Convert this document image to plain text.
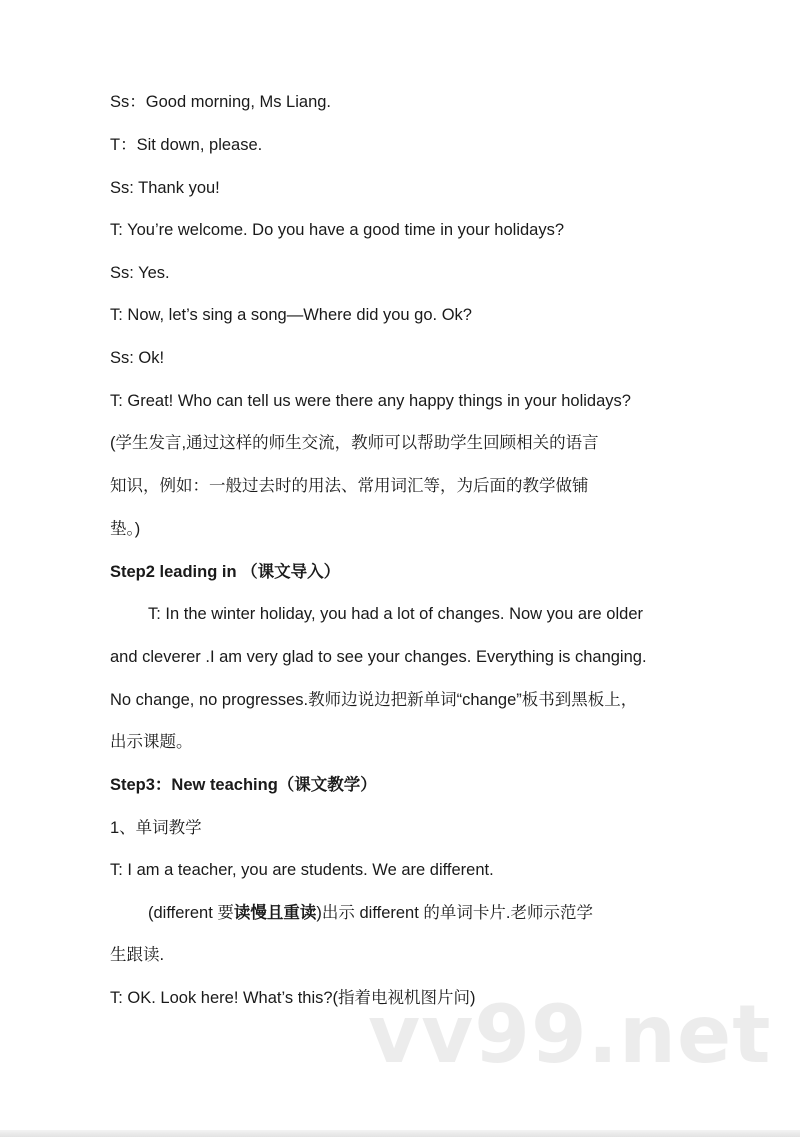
Ss：Good morning, Ms Liang.
T：Sit down, please.
Ss: Thank you!
T: You’re welcome. Do you have a good time in your holidays?
Ss: Yes.
T: Now, let’s sing a song—Where did you go. Ok?
Ss: Ok!
T: Great! Who can tell us were there any happy things in your holidays?
(学生发言,通过这样的师生交流，教师可以帮助学生回顾相关的语言
知识，例如：一般过去时的用法、常用词汇等，为后面的教学做铺
垫。)
Step2 leading in （课文导入）
T: In the winter holiday, you had a lot of changes. Now you are older
and cleverer .I am very glad to see your changes. Everything is changing.
No change, no progresses.教师边说边把新单词“change”板书到黑板上，
出示课题。
Step3：New teaching（课文教学）
1、单词教学
T: I am a teacher, you are students. We are different.
(different 要读慢且重读)出示 different 的单词卡片.老师示范学
生跟读.
T: OK. Look here! What’s this?(指着电视机图片问)
vv99.net
